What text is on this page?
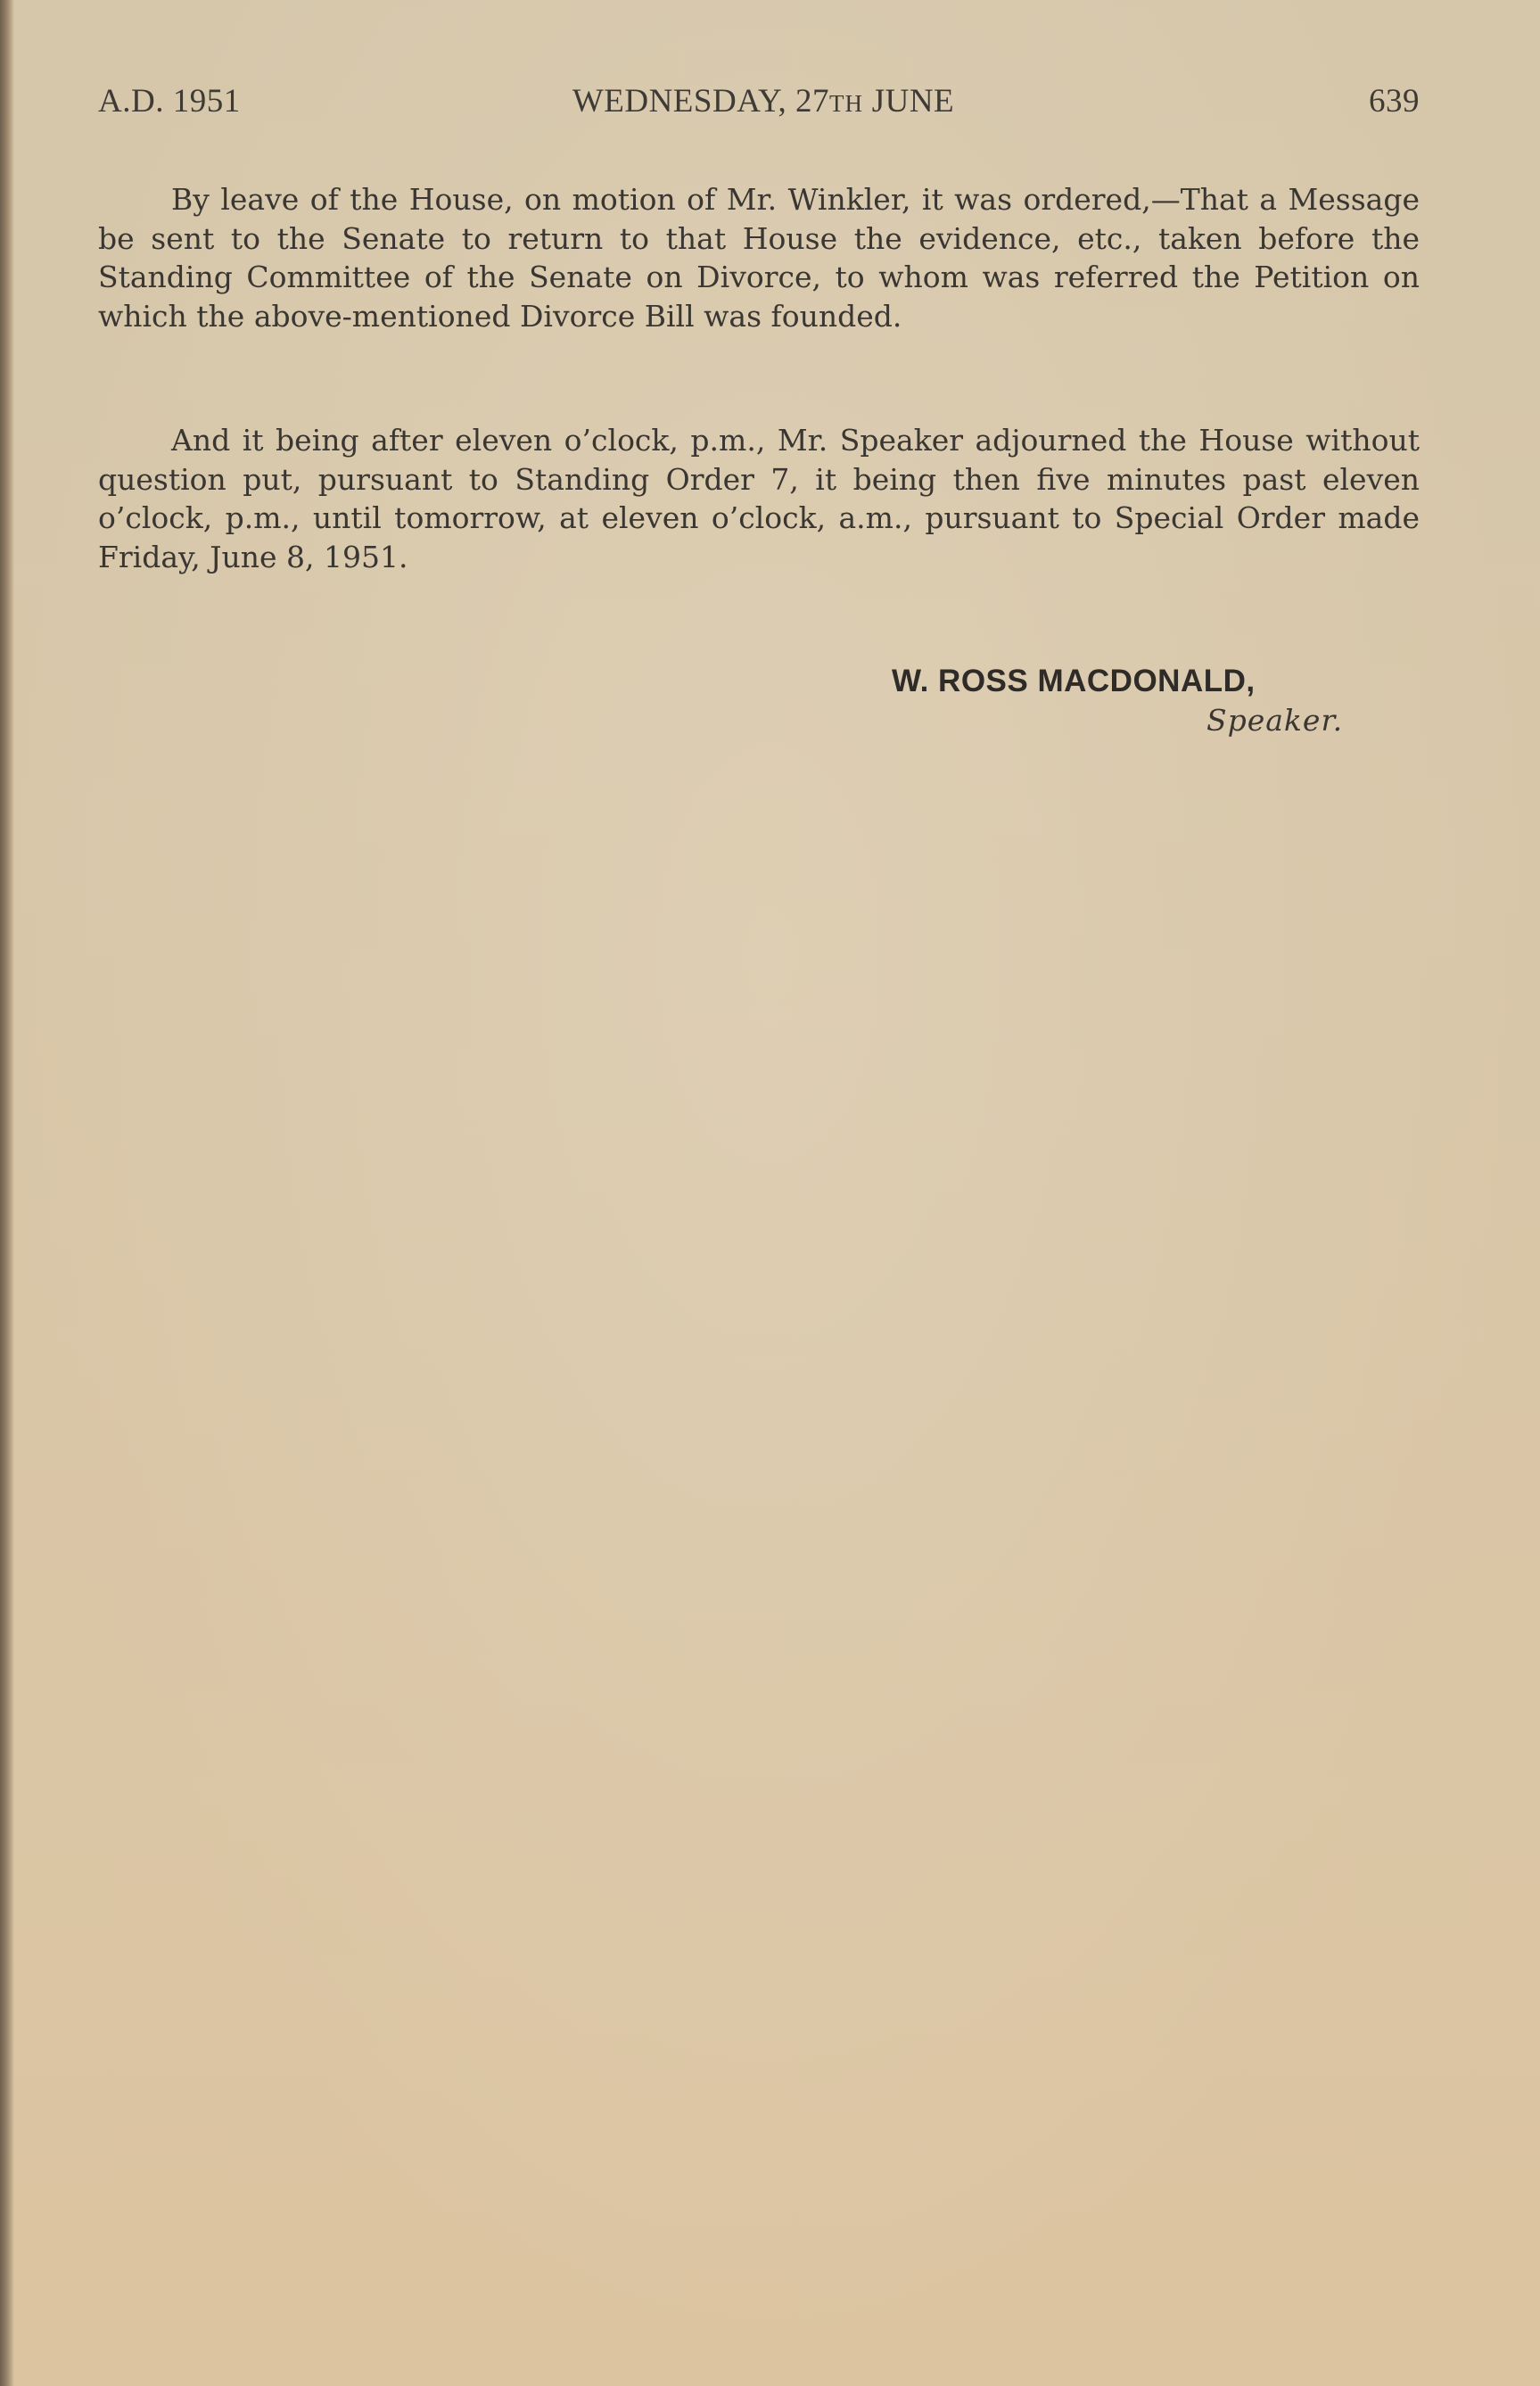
A.D. 1951	WEDNESDAY, 27TH JUNE	639

By leave of the House, on motion of Mr. Winkler, it was ordered,—That a Message be sent to the Senate to return to that House the evidence, etc., taken before the Standing Committee of the Senate on Divorce, to whom was referred the Petition on which the above-mentioned Divorce Bill was founded.

And it being after eleven o’clock, p.m., Mr. Speaker adjourned the House without question put, pursuant to Standing Order 7, it being then five minutes past eleven o’clock, p.m., until tomorrow, at eleven o’clock, a.m., pursuant to Special Order made Friday, June 8, 1951.

W. ROSS MACDONALD,
Speaker.
